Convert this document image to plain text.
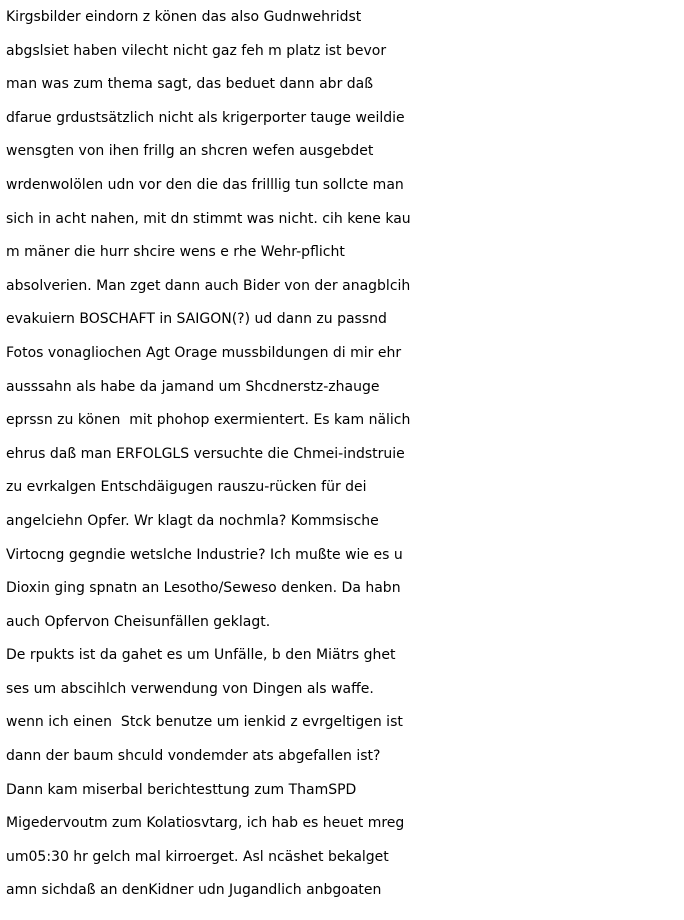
Kirgsbilder eindorn z könen das also Gudnwehridst
abgslsiet haben vilecht nicht gaz feh m platz ist bevor
man was zum thema sagt, das beduet dann abr daß
dfarue grdustsätzlich nicht als krigerporter tauge weildie
wensgten von ihen frillg an shcren wefen ausgebdet
wrdenwolölen udn vor den die das frilllig tun sollcte man
sich in acht nahen, mit dn stimmt was nicht. cih kene kau
m mäner die hurr shcire wens e rhe Wehr-pflicht
absolverien. Man zget dann auch Bider von der anagblcih
evakuiern BOSCHAFT in SAIGON(?) ud dann zu passnd
Fotos vonagliochen Agt Orage mussbildungen di mir ehr
ausssahn als habe da jamand um Shcdnerstz-zhauge
eprssn zu könen  mit phohop exermientert. Es kam nälich
ehrus daß man ERFOLGLS versuchte die Chmei-indstruie
zu evrkalgen Entschdäigugen rauszu-rücken für dei
angelciehn Opfer. Wr klagt da nochmla? Kommsische
Virtocng gegndie wetslche Industrie? Ich mußte wie es u
Dioxin ging spnatn an Lesotho/Seweso denken. Da habn
auch Opfervon Cheisunfällen geklagt.
De rpukts ist da gahet es um Unfälle, b den Miätrs ghet
ses um abscihlch verwendung von Dingen als waffe.
wenn ich einen  Stck benutze um ienkid z evrgeltigen ist
dann der baum shculd vondemder ats abgefallen ist?
Dann kam miserbal berichtesttung zum ThamSPD
Migedervoutm zum Kolatiosvtarg, ich hab es heuet mreg
um05:30 hr gelch mal kirroerget. Asl ncäshet bekalget
amn sichdaß an denKidner udn Jugandlich anbgoaten
